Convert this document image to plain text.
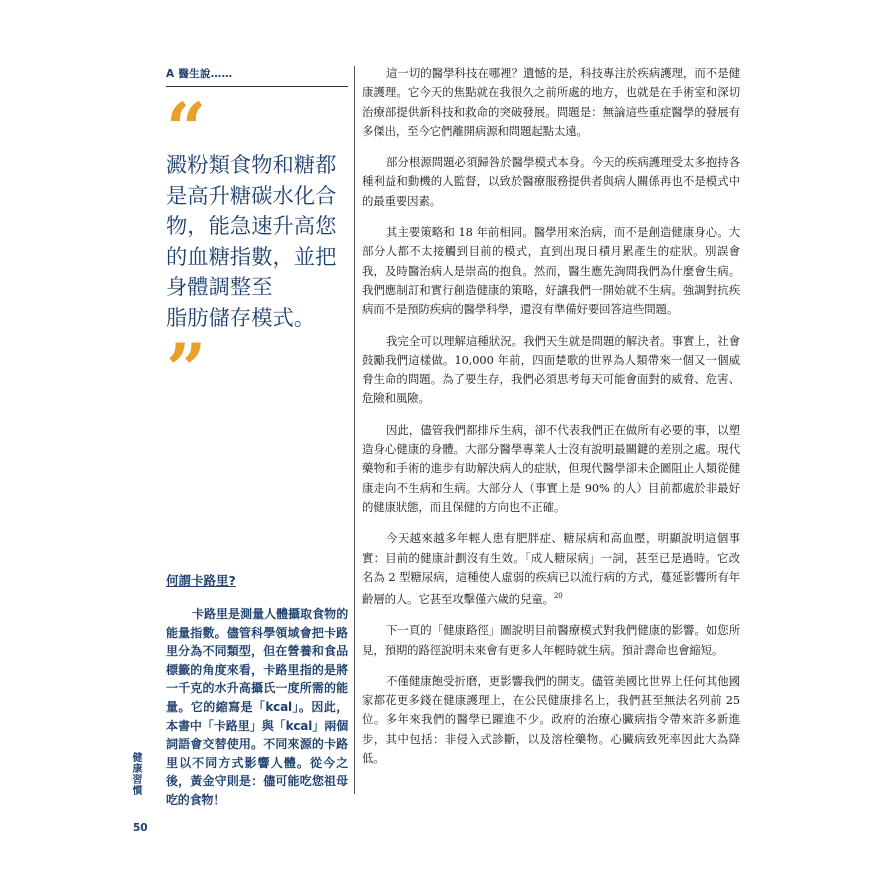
A 醫生說……
“
澱粉類食物和糖都
是高升糖碳水化合
物，能急速升高您
的血糖指數，並把
身體調整至
脂肪儲存模式。
”
何謂卡路里?
卡路里是測量人體攝取食物的能量指數。儘管科學領域會把卡路里分為不同類型，但在營養和食品標籤的角度來看，卡路里指的是將一千克的水升高攝氏一度所需的能量。它的縮寫是「kcal」。因此，本書中「卡路里」與「kcal」兩個詞語會交替使用。不同來源的卡路里以不同方式影響人體。從今之後，黃金守則是：儘可能吃您祖母吃的食物！

這一切的醫學科技在哪裡？遺憾的是，科技專注於疾病護理，而不是健康護理。它今天的焦點就在我很久之前所處的地方，也就是在手術室和深切治療部提供新科技和救命的突破發展。問題是：無論這些重症醫學的發展有多傑出，至今它們離開病源和問題起點太遠。

部分根源問題必須歸咎於醫學模式本身。今天的疾病護理受太多抱持各種利益和動機的人監督，以致於醫療服務提供者與病人關係再也不是模式中的最重要因素。

其主要策略和 18 年前相同。醫學用來治病，而不是創造健康身心。大部分人都不太接觸到目前的模式，直到出現日積月累產生的症狀。別誤會我，及時醫治病人是崇高的抱負。然而，醫生應先詢問我們為什麼會生病。我們應制訂和實行創造健康的策略，好讓我們一開始就不生病。強調對抗疾病而不是預防疾病的醫學科學，還沒有準備好要回答這些問題。

我完全可以理解這種狀況。我們天生就是問題的解決者。事實上，社會鼓勵我們這樣做。10,000 年前，四面楚歌的世界為人類帶來一個又一個威脅生命的問題。為了要生存，我們必須思考每天可能會面對的威脅、危害、危險和風險。

因此，儘管我們都排斥生病，卻不代表我們正在做所有必要的事，以塑造身心健康的身體。大部分醫學專業人士沒有說明最關鍵的差別之處。現代藥物和手術的進步有助解決病人的症狀，但現代醫學卻未企圖阻止人類從健康走向不生病和生病。大部分人（事實上是 90% 的人）目前都處於非最好的健康狀態，而且保健的方向也不正確。

今天越來越多年輕人患有肥胖症、糖尿病和高血壓，明顯說明這個事實：目前的健康計劃沒有生效。「成人糖尿病」一詞，甚至已是過時。它改名為 2 型糖尿病，這種使人虛弱的疾病已以流行病的方式，蔓延影響所有年齡層的人。它甚至攻擊僅六歲的兒童。$^{20}$

下一頁的「健康路徑」圖說明目前醫療模式對我們健康的影響。如您所見，預期的路徑說明未來會有更多人年輕時就生病。預計壽命也會縮短。

不僅健康飽受折磨，更影響我們的開支。儘管美國比世界上任何其他國家都花更多錢在健康護理上，在公民健康排名上，我們甚至無法名列前 25 位。多年來我們的醫學已躍進不少。政府的治療心臟病指令帶來許多新進步，其中包括：非侵入式診斷，以及溶栓藥物。心臟病致死率因此大為降低。

健康習慣
50
